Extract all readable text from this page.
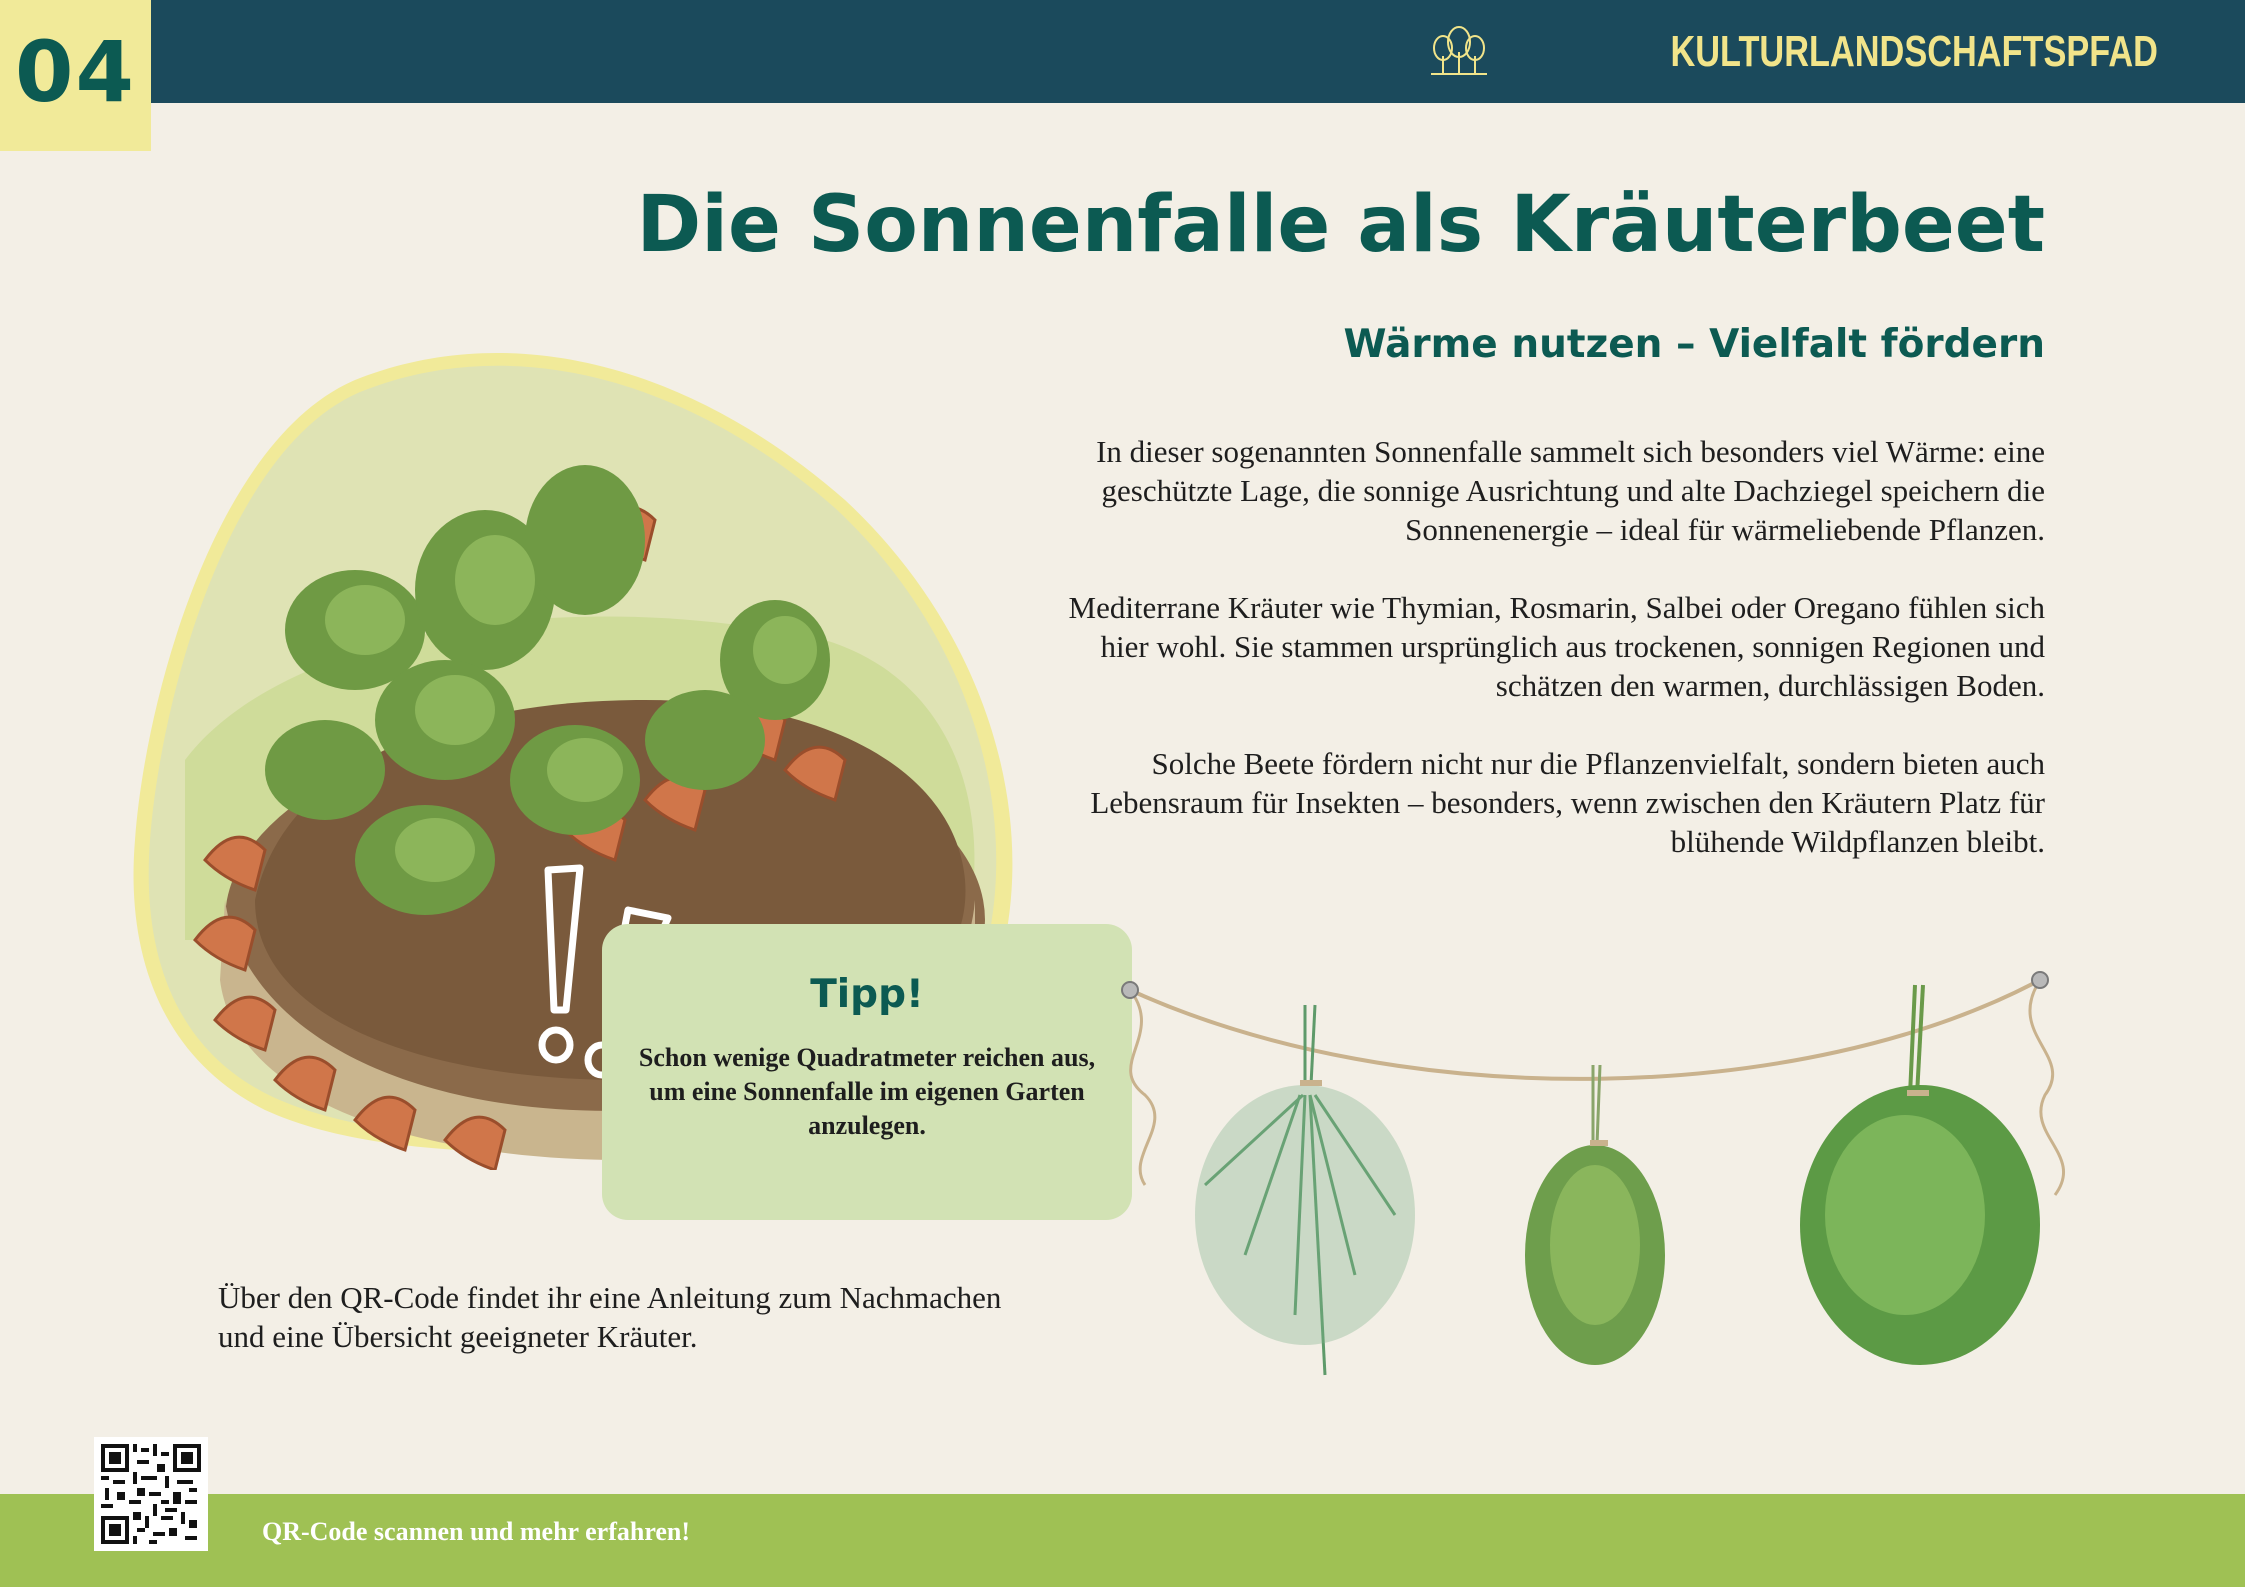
04	KULTURLANDSCHAFTSPFAD
Die Sonnenfalle als Kräuterbeet
Wärme nutzen – Vielfalt fördern

In dieser sogenannten Sonnenfalle sammelt sich besonders viel Wärme: eine geschützte Lage, die sonnige Ausrichtung und alte Dachziegel speichern die Sonnenenergie – ideal für wärmeliebende Pflanzen.

Mediterrane Kräuter wie Thymian, Rosmarin, Salbei oder Oregano fühlen sich hier wohl. Sie stammen ursprünglich aus trockenen, sonnigen Regionen und schätzen den warmen, durchlässigen Boden.

Solche Beete fördern nicht nur die Pflanzenvielfalt, sondern bieten auch Lebensraum für Insekten – besonders, wenn zwischen den Kräutern Platz für blühende Wildpflanzen bleibt.

Tipp!
Schon wenige Quadratmeter reichen aus, um eine Sonnenfalle im eigenen Garten anzulegen.

Über den QR-Code findet ihr eine Anleitung zum Nachmachen und eine Übersicht geeigneter Kräuter.

QR-Code scannen und mehr erfahren!
